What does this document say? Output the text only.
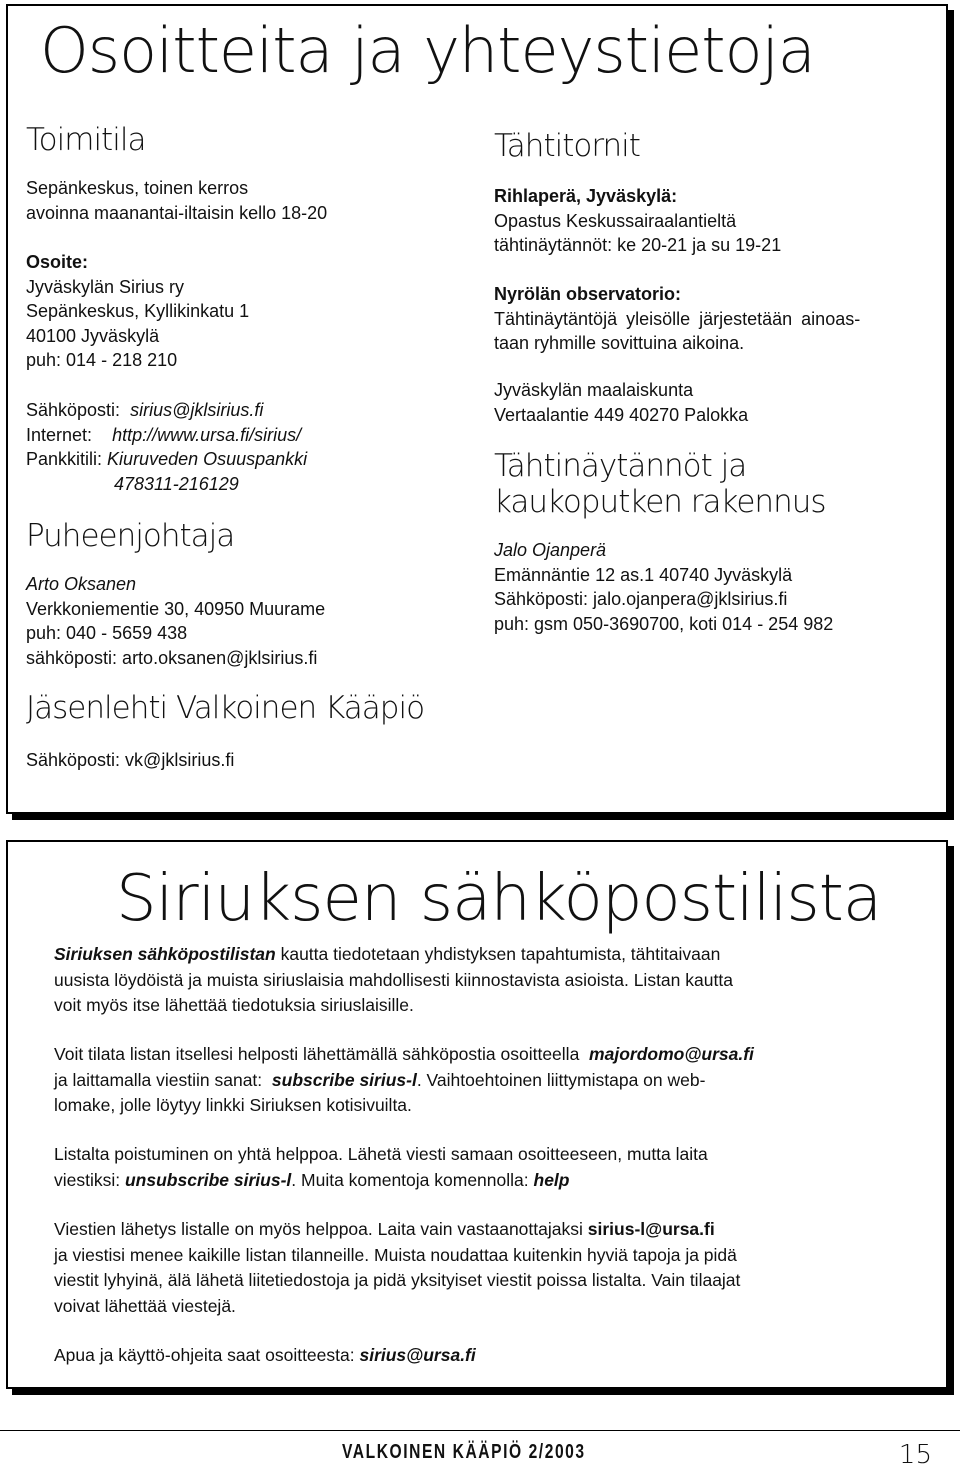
Osoitteita ja yhteystietoja
Toimitila
Sepänkeskus, toinen kerros
avoinna maanantai-iltaisin kello 18-20
Osoite:
Jyväskylän Sirius ry
Sepänkeskus, Kyllikinkatu 1
40100 Jyväskylä
puh: 014 - 218 210
Sähköposti: sirius@jklsirius.fi
Internet: http://www.ursa.fi/sirius/
Pankkitili: Kiuruveden Osuuspankki
478311-216129
Puheenjohtaja
Arto Oksanen
Verkkoniementie 30, 40950 Muurame
puh: 040 - 5659 438
sähköposti: arto.oksanen@jklsirius.fi
Jäsenlehti Valkoinen Kääpiö
Sähköposti: vk@jklsirius.fi
Tähtitornit
Rihlaperä, Jyväskylä:
Opastus Keskussairaalantieltä
tähtinäytännöt: ke 20-21 ja su 19-21
Nyrölän observatorio:
Tähtinäytäntöjä yleisölle järjestetään ainoas-
taan ryhmille sovittuina aikoina.
Jyväskylän maalaiskunta
Vertaalantie 449 40270 Palokka
Tähtinäytännöt ja
kaukoputken rakennus
Jalo Ojanperä
Emännäntie 12 as.1 40740 Jyväskylä
Sähköposti: jalo.ojanpera@jklsirius.fi
puh: gsm 050-3690700, koti 014 - 254 982
Siriuksen sähköpostilista
Siriuksen sähköpostilistan kautta tiedotetaan yhdistyksen tapahtumista, tähtitaivaan
uusista löydöistä ja muista siriuslaisia mahdollisesti kiinnostavista asioista. Listan kautta
voit myös itse lähettää tiedotuksia siriuslaisille.
Voit tilata listan itsellesi helposti lähettämällä sähköpostia osoitteella  majordomo@ursa.fi
ja laittamalla viestiin sanat:  subscribe sirius-l. Vaihtoehtoinen liittymistapa on web-
lomake, jolle löytyy linkki Siriuksen kotisivuilta.
Listalta poistuminen on yhtä helppoa. Lähetä viesti samaan osoitteeseen, mutta laita
viestiksi: unsubscribe sirius-l. Muita komentoja komennolla: help
Viestien lähetys listalle on myös helppoa. Laita vain vastaanottajaksi sirius-l@ursa.fi
ja viestisi menee kaikille listan tilanneille. Muista noudattaa kuitenkin hyviä tapoja ja pidä
viestit lyhyinä, älä lähetä liitetiedostoja ja pidä yksityiset viestit poissa listalta. Vain tilaajat
voivat lähettää viestejä.
Apua ja käyttö-ohjeita saat osoitteesta: sirius@ursa.fi
VALKOINEN KÄÄPIÖ 2/2003	15
